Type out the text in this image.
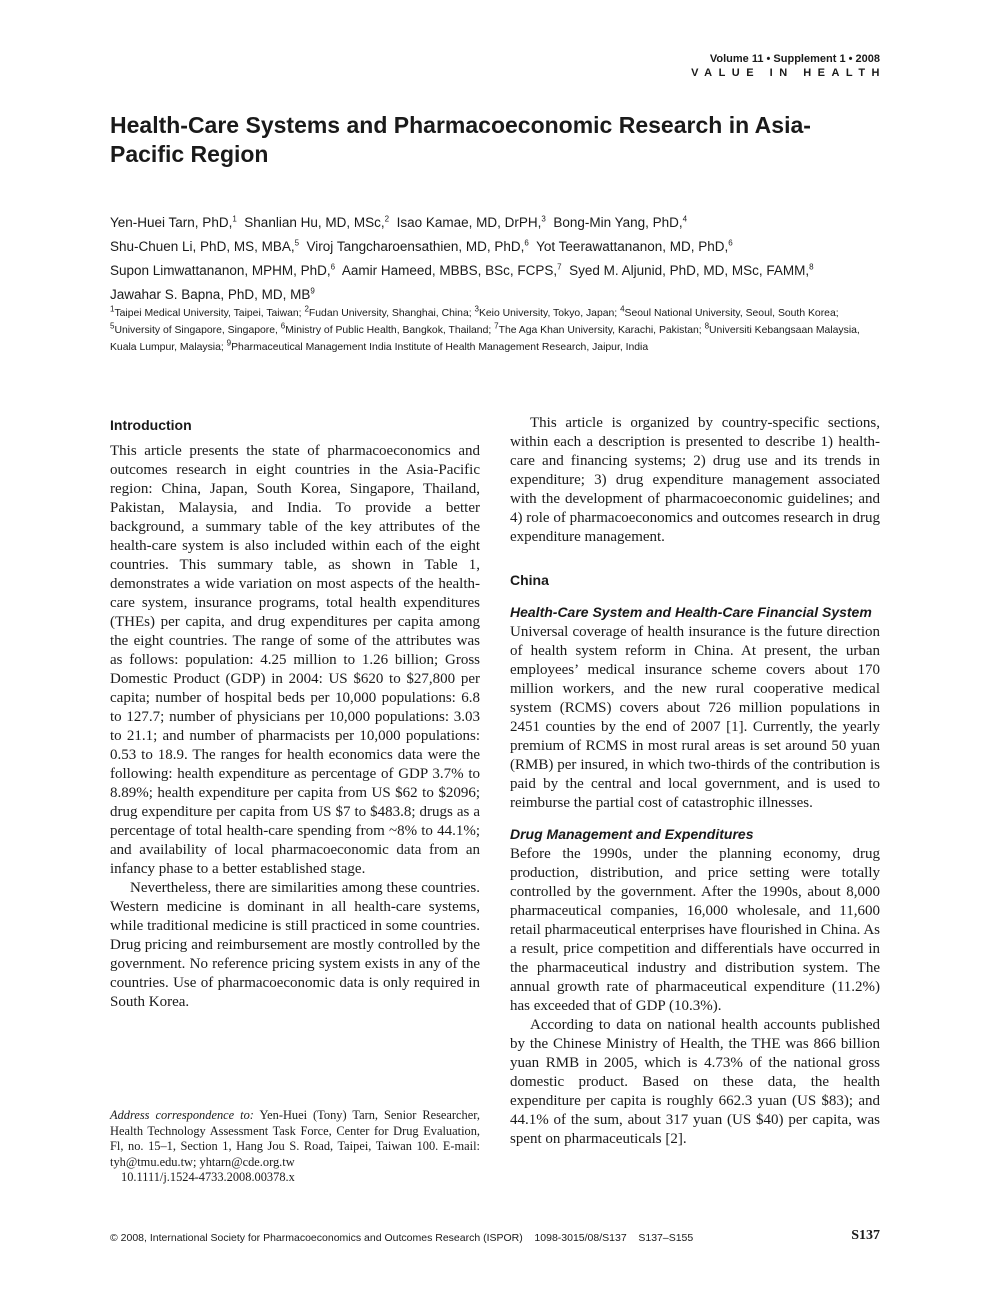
Volume 11 • Supplement 1 • 2008
VALUE IN HEALTH
Health-Care Systems and Pharmacoeconomic Research in Asia-Pacific Region
Yen-Huei Tarn, PhD,$^1$ Shanlian Hu, MD, MSc,$^2$ Isao Kamae, MD, DrPH,$^3$ Bong-Min Yang, PhD,$^4$
Shu-Chuen Li, PhD, MS, MBA,$^5$ Viroj Tangcharoensathien, MD, PhD,$^6$ Yot Teerawattananon, MD, PhD,$^6$
Supon Limwattananon, MPHM, PhD,$^6$ Aamir Hameed, MBBS, BSc, FCPS,$^7$ Syed M. Aljunid, PhD, MD, MSc, FAMM,$^8$
Jawahar S. Bapna, PhD, MD, $MB^9$
$^1$Taipei Medical University, Taipei, Taiwan; $^2$Fudan University, Shanghai, China; $^3$Keio University, Tokyo, Japan; $^4$Seoul National University, Seoul, South Korea; $^5$University of Singapore, Singapore, $^6$Ministry of Public Health, Bangkok, Thailand; $^7$The Aga Khan University, Karachi, Pakistan; $^8$Universiti Kebangsaan Malaysia, Kuala Lumpur, Malaysia; $^9$Pharmaceutical Management India Institute of Health Management Research, Jaipur, India
Introduction

This article presents the state of pharmacoeconomics and outcomes research in eight countries in the Asia-Pacific region: China, Japan, South Korea, Singapore, Thailand, Pakistan, Malaysia, and India. To provide a better background, a summary table of the key attributes of the health-care system is also included within each of the eight countries. This summary table, as shown in Table 1, demonstrates a wide variation on most aspects of the health-care system, insurance programs, total health expenditures (THEs) per capita, and drug expenditures per capita among the eight countries. The range of some of the attributes was as follows: population: 4.25 million to 1.26 billion; Gross Domestic Product (GDP) in 2004: US $620 to $27,800 per capita; number of hospital beds per 10,000 populations: 6.8 to 127.7; number of physicians per 10,000 populations: 3.03 to 21.1; and number of pharmacists per 10,000 populations: 0.53 to 18.9. The ranges for health economics data were the following: health expenditure as percentage of GDP 3.7% to 8.89%; health expenditure per capita from US $62 to $2096; drug expenditure per capita from US $7 to $483.8; drugs as a percentage of total health-care spending from ~8% to 44.1%; and availability of local pharmacoeconomic data from an infancy phase to a better established stage.

Nevertheless, there are similarities among these countries. Western medicine is dominant in all health-care systems, while traditional medicine is still practiced in some countries. Drug pricing and reimbursement are mostly controlled by the government. No reference pricing system exists in any of the countries. Use of pharmacoeconomic data is only required in South Korea.

Address correspondence to: Yen-Huei (Tony) Tarn, Senior Researcher, Health Technology Assessment Task Force, Center for Drug Evaluation, Fl, no. 15–1, Section 1, Hang Jou S. Road, Taipei, Taiwan 100. E-mail: tyh@tmu.edu.tw; yhtarn@cde.org.tw
10.1111/j.1524-4733.2008.00378.x

This article is organized by country-specific sections, within each a description is presented to describe 1) health-care and financing systems; 2) drug use and its trends in expenditure; 3) drug expenditure management associated with the development of pharmacoeconomic guidelines; and 4) role of pharmacoeconomics and outcomes research in drug expenditure management.

China
Health-Care System and Health-Care Financial System

Universal coverage of health insurance is the future direction of health system reform in China. At present, the urban employees’ medical insurance scheme covers about 170 million workers, and the new rural cooperative medical system (RCMS) covers about 726 million populations in 2451 counties by the end of 2007 [1]. Currently, the yearly premium of RCMS in most rural areas is set around 50 yuan (RMB) per insured, in which two-thirds of the contribution is paid by the central and local government, and is used to reimburse the partial cost of catastrophic illnesses.

Drug Management and Expenditures

Before the 1990s, under the planning economy, drug production, distribution, and price setting were totally controlled by the government. After the 1990s, about 8,000 pharmaceutical companies, 16,000 wholesale, and 11,600 retail pharmaceutical enterprises have flourished in China. As a result, price competition and differentials have occurred in the pharmaceutical industry and distribution system. The annual growth rate of pharmaceutical expenditure (11.2%) has exceeded that of GDP (10.3%).

According to data on national health accounts published by the Chinese Ministry of Health, the THE was 866 billion yuan RMB in 2005, which is 4.73% of the national gross domestic product. Based on these data, the health expenditure per capita is roughly 662.3 yuan (US $83); and 44.1% of the sum, about 317 yuan (US $40) per capita, was spent on pharmaceuticals [2].

© 2008, International Society for Pharmacoeconomics and Outcomes Research (ISPOR)    1098-3015/08/S137    S137–S155	S137
